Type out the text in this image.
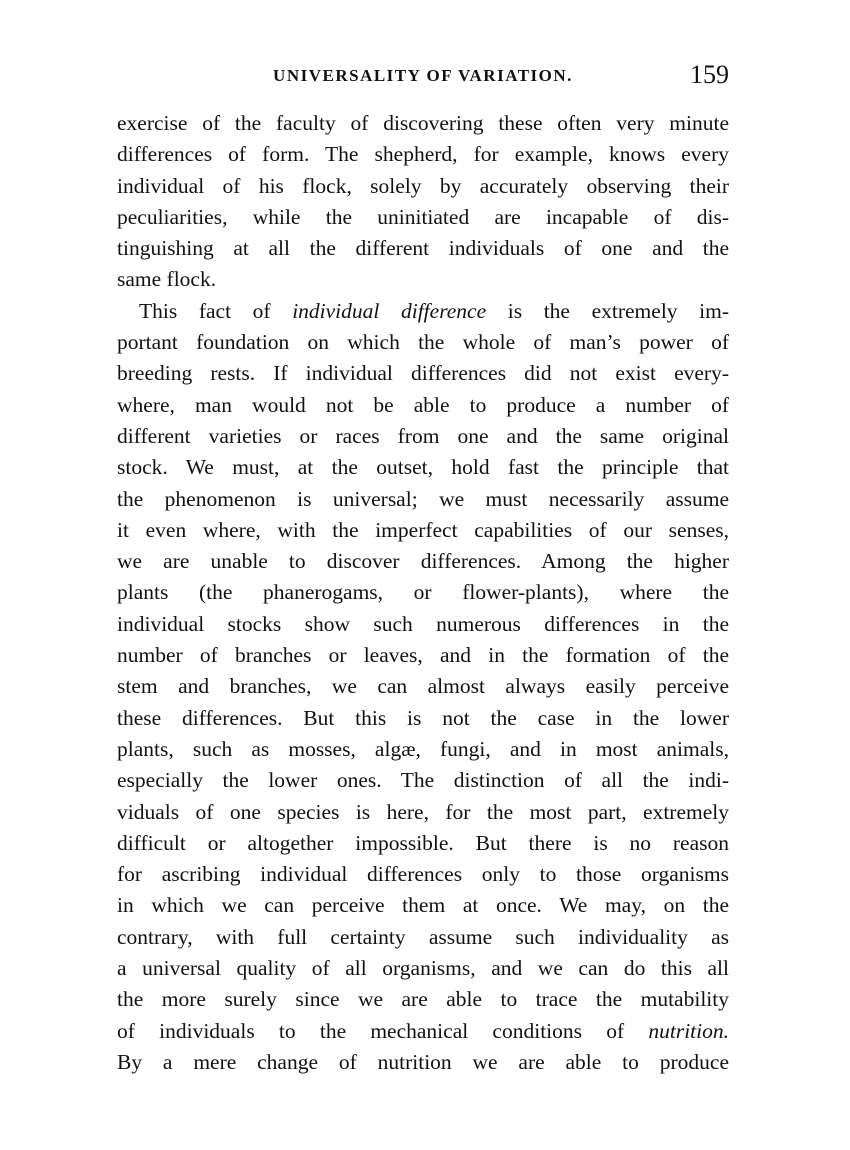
UNIVERSALITY OF VARIATION.	159
exercise of the faculty of discovering these often very minute
differences of form. The shepherd, for example, knows every
individual of his flock, solely by accurately observing their
peculiarities, while the uninitiated are incapable of dis-
tinguishing at all the different individuals of one and the
same flock.
This fact of individual difference is the extremely im-
portant foundation on which the whole of man’s power of
breeding rests. If individual differences did not exist every-
where, man would not be able to produce a number of
different varieties or races from one and the same original
stock. We must, at the outset, hold fast the principle that
the phenomenon is universal; we must necessarily assume
it even where, with the imperfect capabilities of our senses,
we are unable to discover differences. Among the higher
plants (the phanerogams, or flower-plants), where the
individual stocks show such numerous differences in the
number of branches or leaves, and in the formation of the
stem and branches, we can almost always easily perceive
these differences. But this is not the case in the lower
plants, such as mosses, algæ, fungi, and in most animals,
especially the lower ones. The distinction of all the indi-
viduals of one species is here, for the most part, extremely
difficult or altogether impossible. But there is no reason
for ascribing individual differences only to those organisms
in which we can perceive them at once. We may, on the
contrary, with full certainty assume such individuality as
a universal quality of all organisms, and we can do this all
the more surely since we are able to trace the mutability
of individuals to the mechanical conditions of nutrition.
By a mere change of nutrition we are able to produce
